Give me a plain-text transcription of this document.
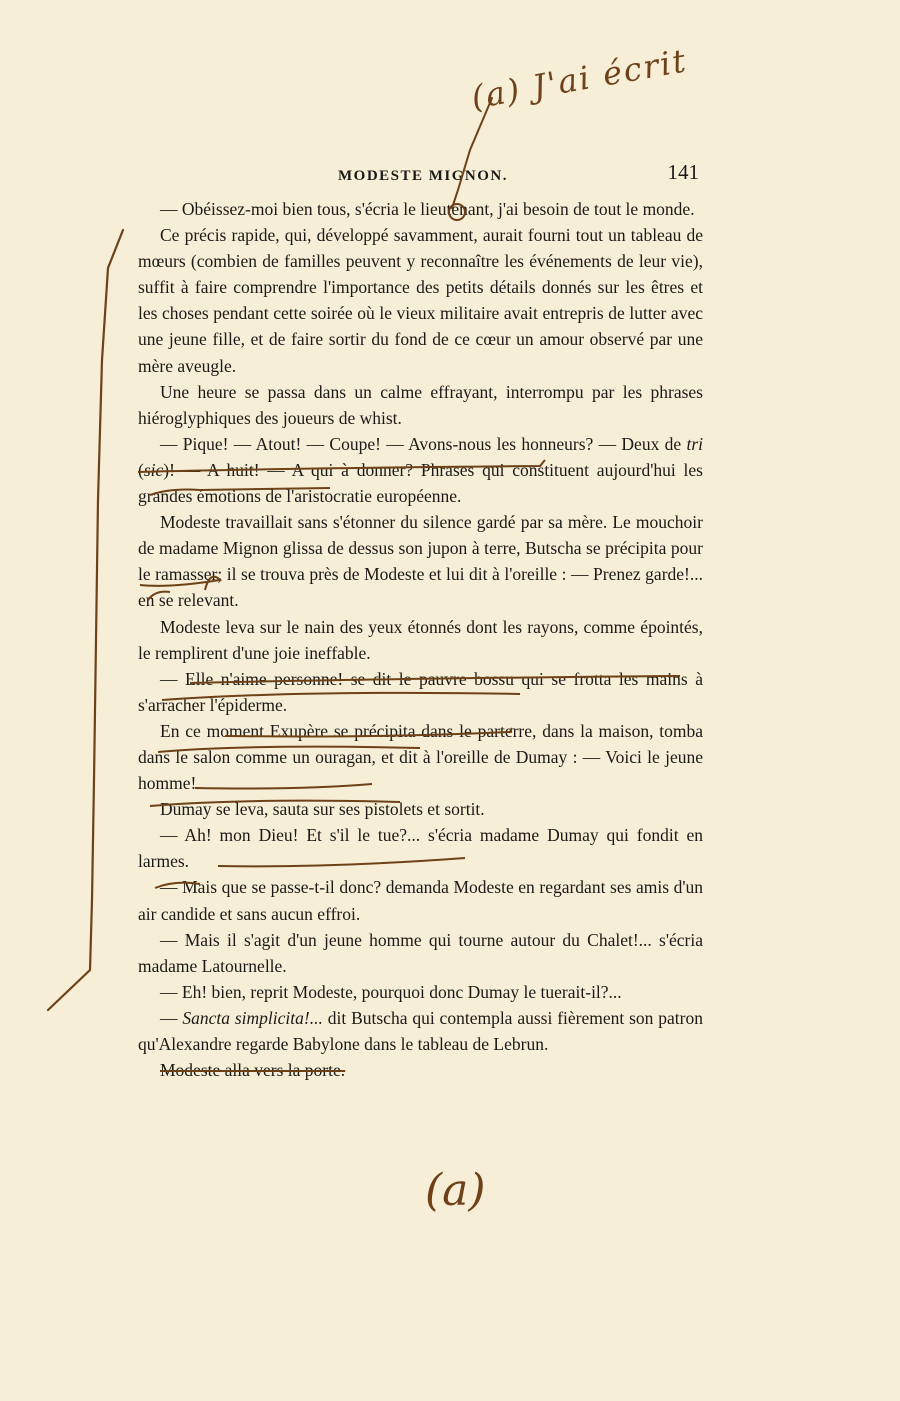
(a) J'ai écrit
MODESTE MIGNON.	141

— Obéissez-moi bien tous, s'écria le lieutenant, j'ai besoin de tout le monde.

Ce précis rapide, qui, développé savamment, aurait fourni tout un tableau de mœurs (combien de familles peuvent y reconnaître les événements de leur vie), suffit à faire comprendre l'importance des petits détails donnés sur les êtres et les choses pendant cette soirée où le vieux militaire avait entrepris de lutter avec une jeune fille, et de faire sortir du fond de ce cœur un amour observé par une mère aveugle.

Une heure se passa dans un calme effrayant, interrompu par les phrases hiéroglyphiques des joueurs de whist.

— Pique! — Atout! — Coupe! — Avons-nous les honneurs? — Deux de tri (sic)! — A huit! — A qui à donner? Phrases qui constituent aujourd'hui les grandes émotions de l'aristocratie européenne.

Modeste travaillait sans s'étonner du silence gardé par sa mère. Le mouchoir de madame Mignon glissa de dessus son jupon à terre, Butscha se précipita pour le ramasser; il se trouva près de Modeste et lui dit à l'oreille : — Prenez garde!... en se relevant.

Modeste leva sur le nain des yeux étonnés dont les rayons, comme épointés, le remplirent d'une joie ineffable.

— Elle n'aime personne! se dit le pauvre bossu qui se frotta les mains à s'arracher l'épiderme.

En ce moment Exupère se précipita dans le parterre, dans la maison, tomba dans le salon comme un ouragan, et dit à l'oreille de Dumay : — Voici le jeune homme!

Dumay se leva, sauta sur ses pistolets et sortit.

— Ah! mon Dieu! Et s'il le tue?... s'écria madame Dumay qui fondit en larmes.

— Mais que se passe-t-il donc? demanda Modeste en regardant ses amis d'un air candide et sans aucun effroi.

— Mais il s'agit d'un jeune homme qui tourne autour du Chalet!... s'écria madame Latournelle.

— Eh! bien, reprit Modeste, pourquoi donc Dumay le tuerait-il?...

— Sancta simplicita!... dit Butscha qui contempla aussi fièrement son patron qu'Alexandre regarde Babylone dans le tableau de Lebrun.

Modeste alla vers la porte.

(a)
